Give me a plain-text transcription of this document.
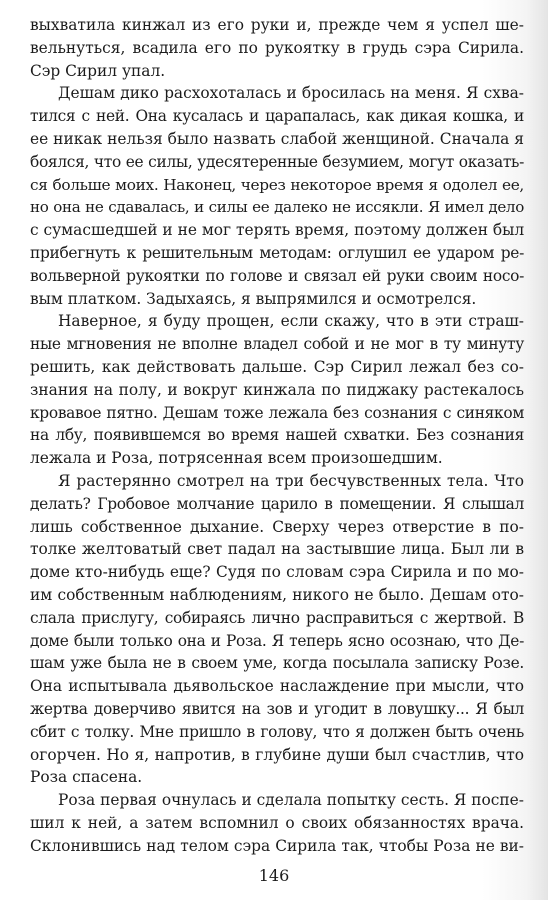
выхватила кинжал из его руки и, прежде чем я успел ше-
вельнуться, всадила его по рукоятку в грудь сэра Сирила.
Сэр Сирил упал.
Дешам дико расхохоталась и бросилась на меня. Я схва-
тился с ней. Она кусалась и царапалась, как дикая кошка, и
ее никак нельзя было назвать слабой женщиной. Сначала я
боялся, что ее силы, удесятеренные безумием, могут оказать-
ся больше моих. Наконец, через некоторое время я одолел ее,
но она не сдавалась, и силы ее далеко не иссякли. Я имел дело
с сумасшедшей и не мог терять время, поэтому должен был
прибегнуть к решительным методам: оглушил ее ударом ре-
вольверной рукоятки по голове и связал ей руки своим носо-
вым платком. Задыхаясь, я выпрямился и осмотрелся.
Наверное, я буду прощен, если скажу, что в эти страш-
ные мгновения не вполне владел собой и не мог в ту минуту
решить, как действовать дальше. Сэр Сирил лежал без со-
знания на полу, и вокруг кинжала по пиджаку растекалось
кровавое пятно. Дешам тоже лежала без сознания с синяком
на лбу, появившемся во время нашей схватки. Без сознания
лежала и Роза, потрясенная всем произошедшим.
Я растерянно смотрел на три бесчувственных тела. Что
делать? Гробовое молчание царило в помещении. Я слышал
лишь собственное дыхание. Сверху через отверстие в по-
толке желтоватый свет падал на застывшие лица. Был ли в
доме кто-нибудь еще? Судя по словам сэра Сирила и по мо-
им собственным наблюдениям, никого не было. Дешам ото-
слала прислугу, собираясь лично расправиться с жертвой. В
доме были только она и Роза. Я теперь ясно осознаю, что Де-
шам уже была не в своем уме, когда посылала записку Розе.
Она испытывала дьявольское наслаждение при мысли, что
жертва доверчиво явится на зов и угодит в ловушку... Я был
сбит с толку. Мне пришло в голову, что я должен быть очень
огорчен. Но я, напротив, в глубине души был счастлив, что
Роза спасена.
Роза первая очнулась и сделала попытку сесть. Я поспе-
шил к ней, а затем вспомнил о своих обязанностях врача.
Склонившись над телом сэра Сирила так, чтобы Роза не ви-
146
